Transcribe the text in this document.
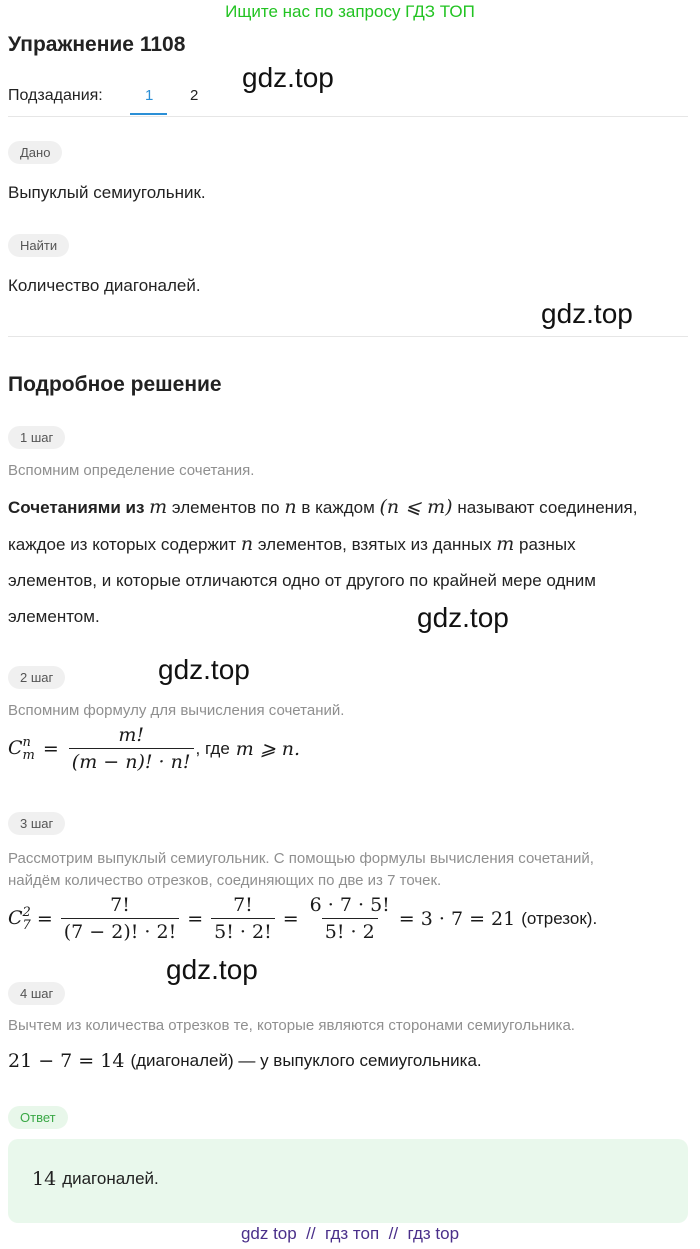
Ищите нас по запросу ГДЗ ТОП
Упражнение 1108
gdz.top
gdz.top
gdz.top
gdz.top
gdz.top
Подзадания:	1 2
Дано
Выпуклый семиугольник.
Найти
Количество диагоналей.
Подробное решение
1 шаг
Вспомним определение сочетания.
Сочетаниями из m элементов по n в каждом (n ⩽ m) называют соединения,
каждое из которых содержит n элементов, взятых из данных m разных
элементов, и которые отличаются одно от другого по крайней мере одним
элементом.
2 шаг
Вспомним формулу для вычисления сочетаний.
C n
$m = \frac{m!}{(m - n)! \cdot n!}$ , где m ⩾ n.
3 шаг
Рассмотрим выпуклый семиугольник. С помощью формулы вычисления сочетаний,
найдём количество отрезков, соединяющих по две из 7 точек.
C 2
$7 = \frac{7!}{(7 - 2)! \cdot 2!} = \frac{7!}{5! \cdot 2!} = \frac{6 \cdot 7 \cdot 5!}{5! \cdot 2} = 3 \cdot 7 = 21$ (отрезок).
4 шаг
Вычтем из количества отрезков те, которые являются сторонами семиугольника.
21 − 7 = 14 (диагоналей) — у выпуклого семиугольника.
Ответ
14 диагоналей.
gdz top  //  гдз топ  //  гдз top
